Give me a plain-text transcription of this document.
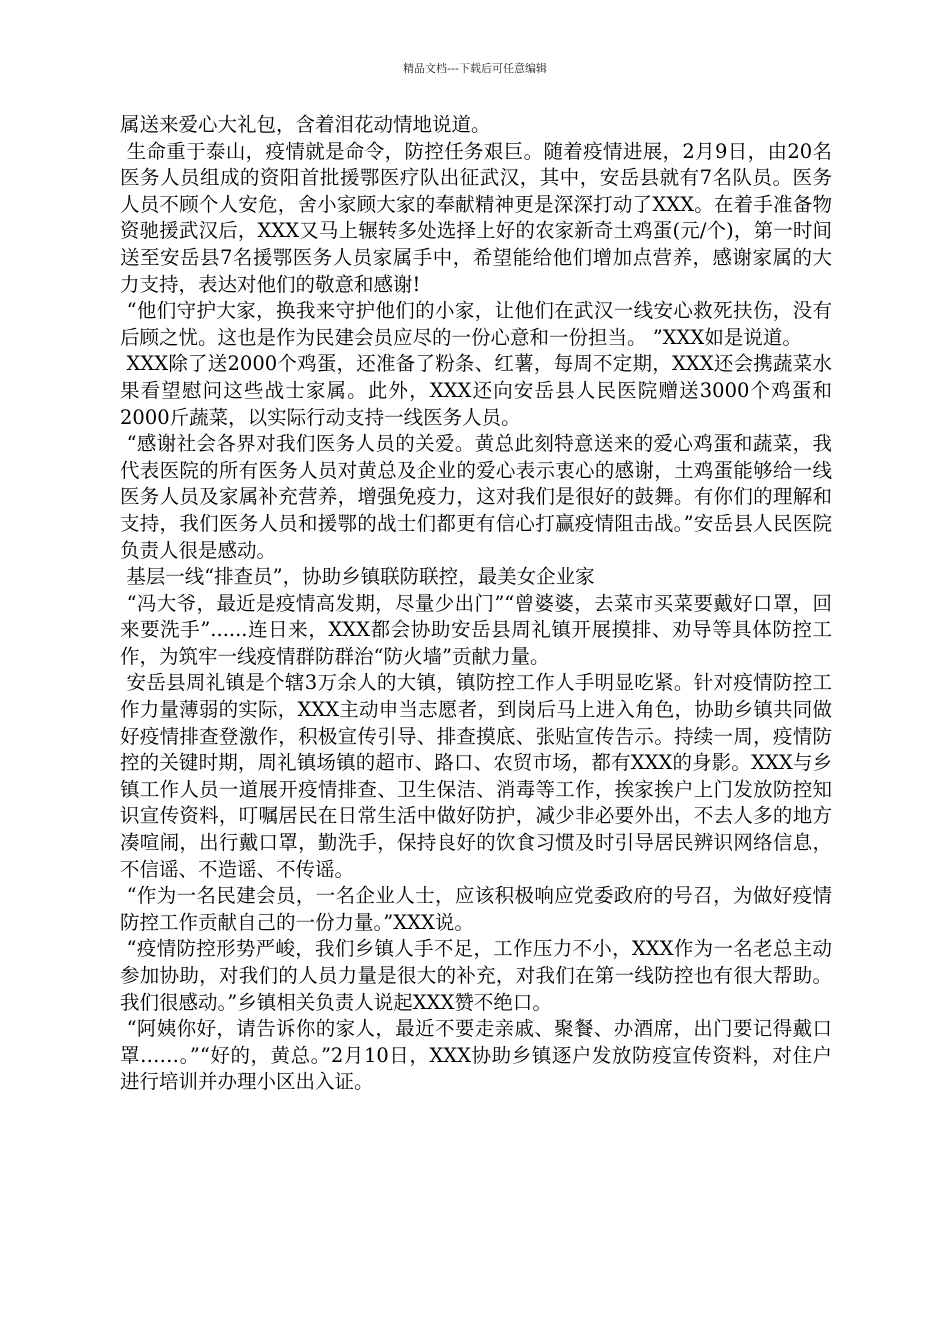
精品文档---下载后可任意编辑

属送来爱心大礼包，含着泪花动情地说道。

生命重于泰山，疫情就是命令，防控任务艰巨。随着疫情进展，2月9日，由20名医务人员组成的资阳首批援鄂医疗队出征武汉，其中，安岳县就有7名队员。医务人员不顾个人安危，舍小家顾大家的奉献精神更是深深打动了XXX。在着手准备物资驰援武汉后，XXX又马上辗转多处选择上好的农家新奇土鸡蛋(元/个)，第一时间送至安岳县7名援鄂医务人员家属手中，希望能给他们增加点营养，感谢家属的大力支持，表达对他们的敬意和感谢!

“他们守护大家，换我来守护他们的小家，让他们在武汉一线安心救死扶伤，没有后顾之忧。这也是作为民建会员应尽的一份心意和一份担当。 ”XXX如是说道。

XXX除了送2000个鸡蛋，还准备了粉条、红薯，每周不定期，XXX还会携蔬菜水果看望慰问这些战士家属。此外，XXX还向安岳县人民医院赠送3000个鸡蛋和2000斤蔬菜，以实际行动支持一线医务人员。

“感谢社会各界对我们医务人员的关爱。黄总此刻特意送来的爱心鸡蛋和蔬菜，我代表医院的所有医务人员对黄总及企业的爱心表示衷心的感谢，土鸡蛋能够给一线医务人员及家属补充营养，增强免疫力，这对我们是很好的鼓舞。有你们的理解和支持，我们医务人员和援鄂的战士们都更有信心打赢疫情阻击战。”安岳县人民医院负责人很是感动。

基层一线“排查员”，协助乡镇联防联控，最美女企业家

“冯大爷，最近是疫情高发期，尽量少出门”“曾婆婆，去菜市买菜要戴好口罩，回来要洗手”......连日来，XXX都会协助安岳县周礼镇开展摸排、劝导等具体防控工作，为筑牢一线疫情群防群治“防火墙”贡献力量。

安岳县周礼镇是个辖3万余人的大镇，镇防控工作人手明显吃紧。针对疫情防控工作力量薄弱的实际，XXX主动申当志愿者，到岗后马上进入角色，协助乡镇共同做好疫情排查登激作，积极宣传引导、排查摸底、张贴宣传告示。持续一周，疫情防控的关键时期，周礼镇场镇的超市、路口、农贸市场，都有XXX的身影。XXX与乡镇工作人员一道展开疫情排查、卫生保洁、消毒等工作，挨家挨户上门发放防控知识宣传资料，叮嘱居民在日常生活中做好防护，减少非必要外出，不去人多的地方凑喧闹，出行戴口罩，勤洗手，保持良好的饮食习惯及时引导居民辨识网络信息，不信谣、不造谣、不传谣。

“作为一名民建会员，一名企业人士，应该积极响应党委政府的号召，为做好疫情防控工作贡献自己的一份力量。”XXX说。

“疫情防控形势严峻，我们乡镇人手不足，工作压力不小，XXX作为一名老总主动参加协助，对我们的人员力量是很大的补充，对我们在第一线防控也有很大帮助。我们很感动。”乡镇相关负责人说起XXX赞不绝口。

“阿姨你好，请告诉你的家人，最近不要走亲戚、聚餐、办酒席，出门要记得戴口罩……。”“好的，黄总。”2月10日，XXX协助乡镇逐户发放防疫宣传资料，对住户进行培训并办理小区出入证。
